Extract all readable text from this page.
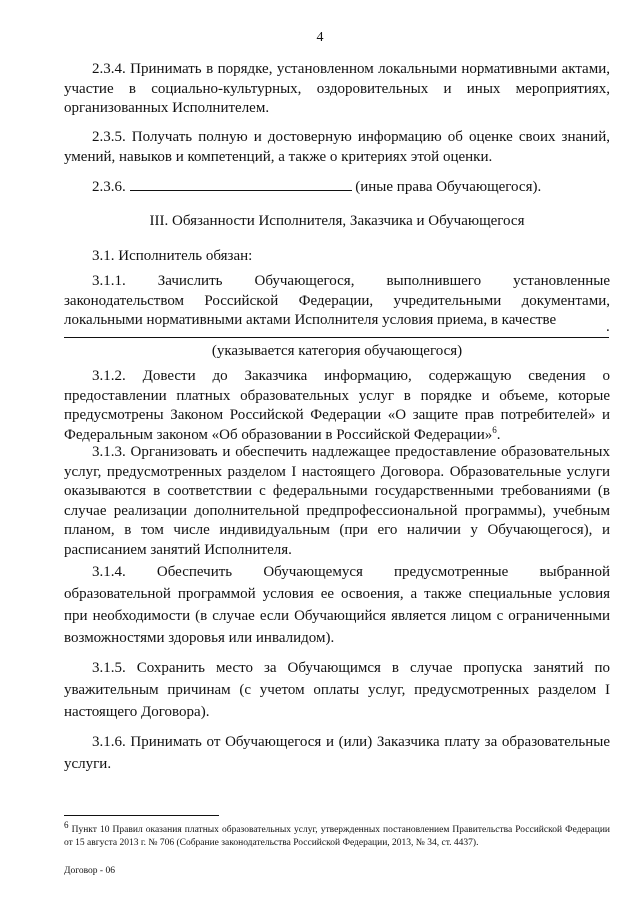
4
2.3.4. Принимать в порядке, установленном локальными нормативными актами, участие в социально-культурных, оздоровительных и иных мероприятиях, организованных Исполнителем.
2.3.5. Получать полную и достоверную информацию об оценке своих знаний, умений, навыков и компетенций, а также о критериях этой оценки.
2.3.6.	(иные права Обучающегося).
III. Обязанности Исполнителя, Заказчика и Обучающегося
3.1. Исполнитель обязан:
3.1.1. Зачислить Обучающегося, выполнившего установленные законодательством Российской Федерации, учредительными документами, локальными нормативными актами Исполнителя условия приема, в качестве	.
(указывается категория обучающегося)
3.1.2. Довести до Заказчика информацию, содержащую сведения о предоставлении платных образовательных услуг в порядке и объеме, которые предусмотрены Законом Российской Федерации «О защите прав потребителей» и Федеральным законом «Об образовании в Российской Федерации»$^6$.
3.1.3. Организовать и обеспечить надлежащее предоставление образовательных услуг, предусмотренных разделом I настоящего Договора. Образовательные услуги оказываются в соответствии с федеральными государственными требованиями (в случае реализации дополнительной предпрофессиональной программы), учебным планом, в том числе индивидуальным (при его наличии у Обучающегося), и расписанием занятий Исполнителя.
3.1.4. Обеспечить Обучающемуся предусмотренные выбранной образовательной программой условия ее освоения, а также специальные условия при необходимости (в случае если Обучающийся является лицом с ограниченными возможностями здоровья или инвалидом).
3.1.5. Сохранить место за Обучающимся в случае пропуска занятий по уважительным причинам (с учетом оплаты услуг, предусмотренных разделом I настоящего Договора).
3.1.6. Принимать от Обучающегося и (или) Заказчика плату за образовательные услуги.
$^6$ Пункт 10 Правил оказания платных образовательных услуг, утвержденных постановлением Правительства Российской Федерации от 15 августа 2013 г. № 706 (Собрание законодательства Российской Федерации, 2013, № 34, ст. 4437).
Договор - 06
